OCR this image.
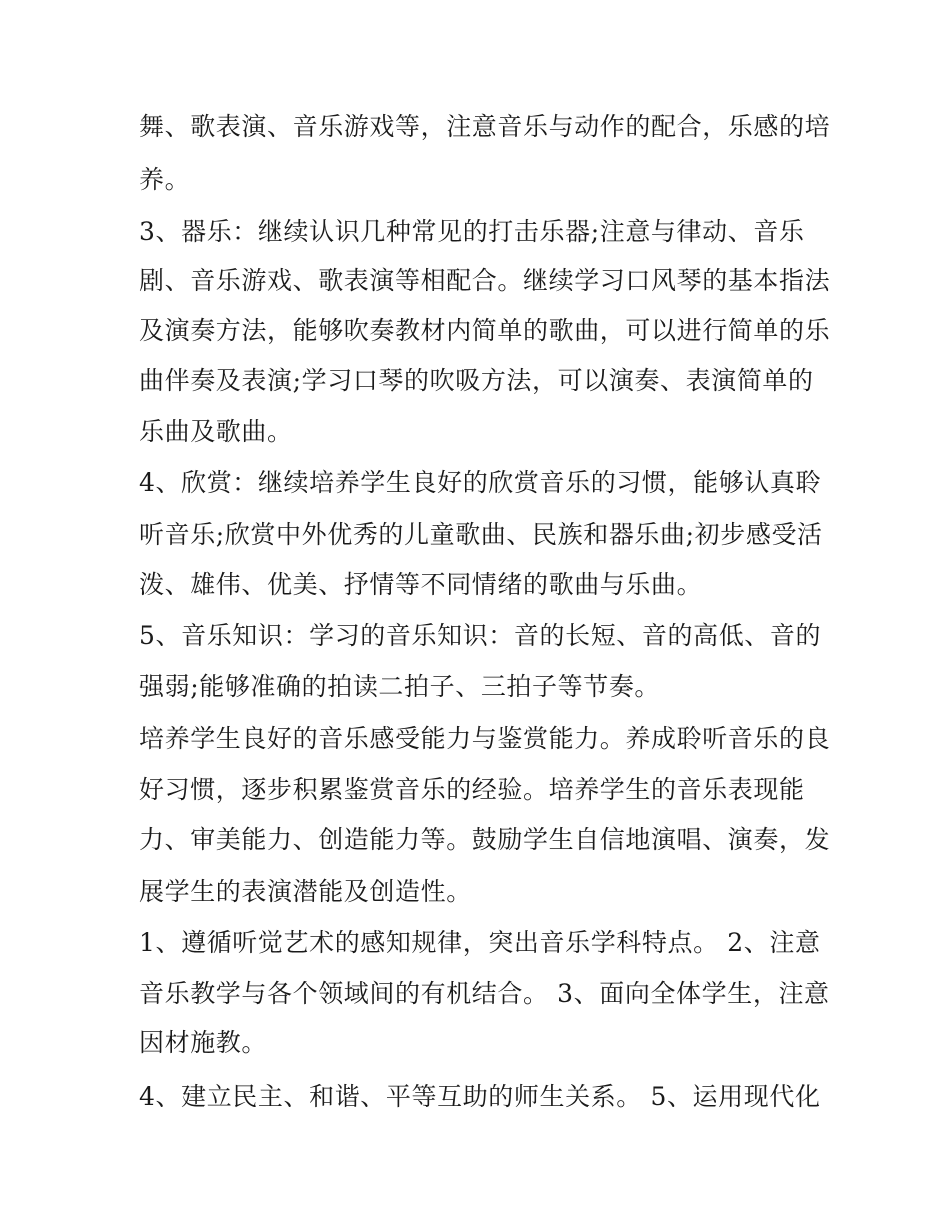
舞、歌表演、音乐游戏等，注意音乐与动作的配合，乐感的培

养。

3、器乐：继续认识几种常见的打击乐器;注意与律动、音乐

剧、音乐游戏、歌表演等相配合。继续学习口风琴的基本指法

及演奏方法，能够吹奏教材内简单的歌曲，可以进行简单的乐

曲伴奏及表演;学习口琴的吹吸方法，可以演奏、表演简单的

乐曲及歌曲。

4、欣赏：继续培养学生良好的欣赏音乐的习惯，能够认真聆

听音乐;欣赏中外优秀的儿童歌曲、民族和器乐曲;初步感受活

泼、雄伟、优美、抒情等不同情绪的歌曲与乐曲。

5、音乐知识：学习的音乐知识：音的长短、音的高低、音的

强弱;能够准确的拍读二拍子、三拍子等节奏。

培养学生良好的音乐感受能力与鉴赏能力。养成聆听音乐的良

好习惯，逐步积累鉴赏音乐的经验。培养学生的音乐表现能

力、审美能力、创造能力等。鼓励学生自信地演唱、演奏，发

展学生的表演潜能及创造性。

1、遵循听觉艺术的感知规律，突出音乐学科特点。 2、注意

音乐教学与各个领域间的有机结合。 3、面向全体学生，注意

因材施教。

4、建立民主、和谐、平等互助的师生关系。 5、运用现代化
